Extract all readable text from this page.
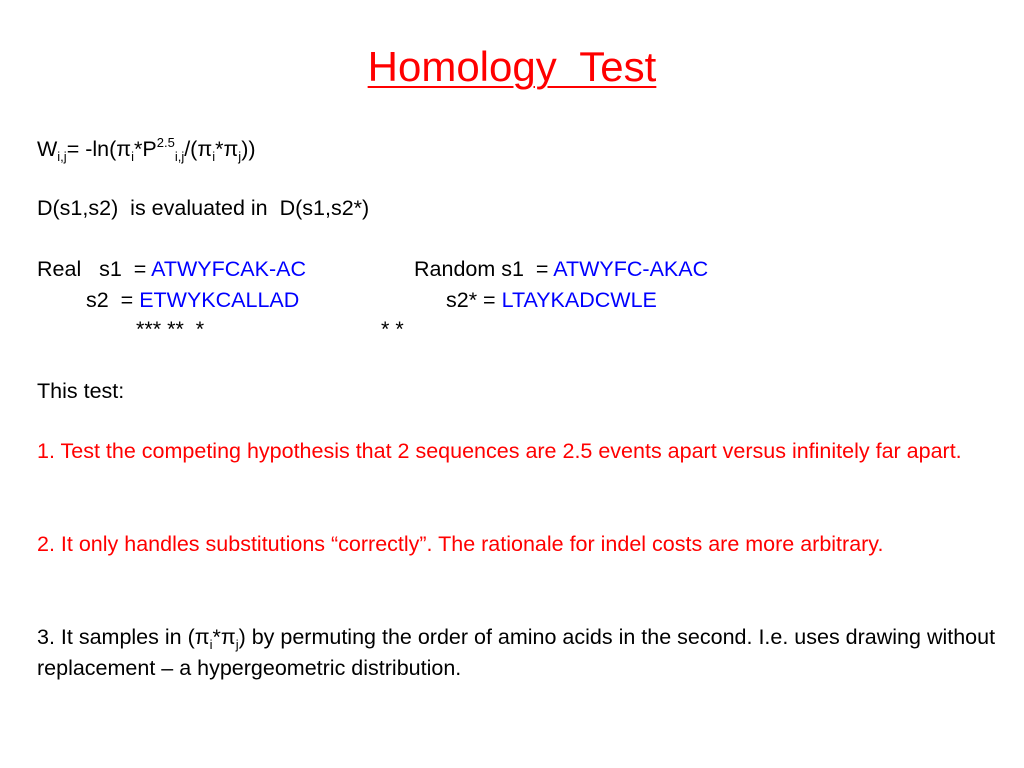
Homology  Test
$W_{i,j}= -\ln(\pi_i*P^{2.5}_{i,j}/(\pi_i*\pi_j))$
D(s1,s2)  is evaluated in  D(s1,s2*)
Real   s1  = ATWYFCAK-AC	Random s1  = ATWYFC-AKAC
s2  = ETWYKCALLAD	s2* = LTAYKADCWLE
*** **  *	* *
This test:
1. Test the competing hypothesis that 2 sequences are 2.5 events apart versus infinitely far apart.
2. It only handles substitutions “correctly”. The rationale for indel costs are more arbitrary.
3. It samples in $(\pi_i*\pi_j)$ by permuting the order of amino acids in the second. I.e. uses drawing without replacement – a hypergeometric distribution.
